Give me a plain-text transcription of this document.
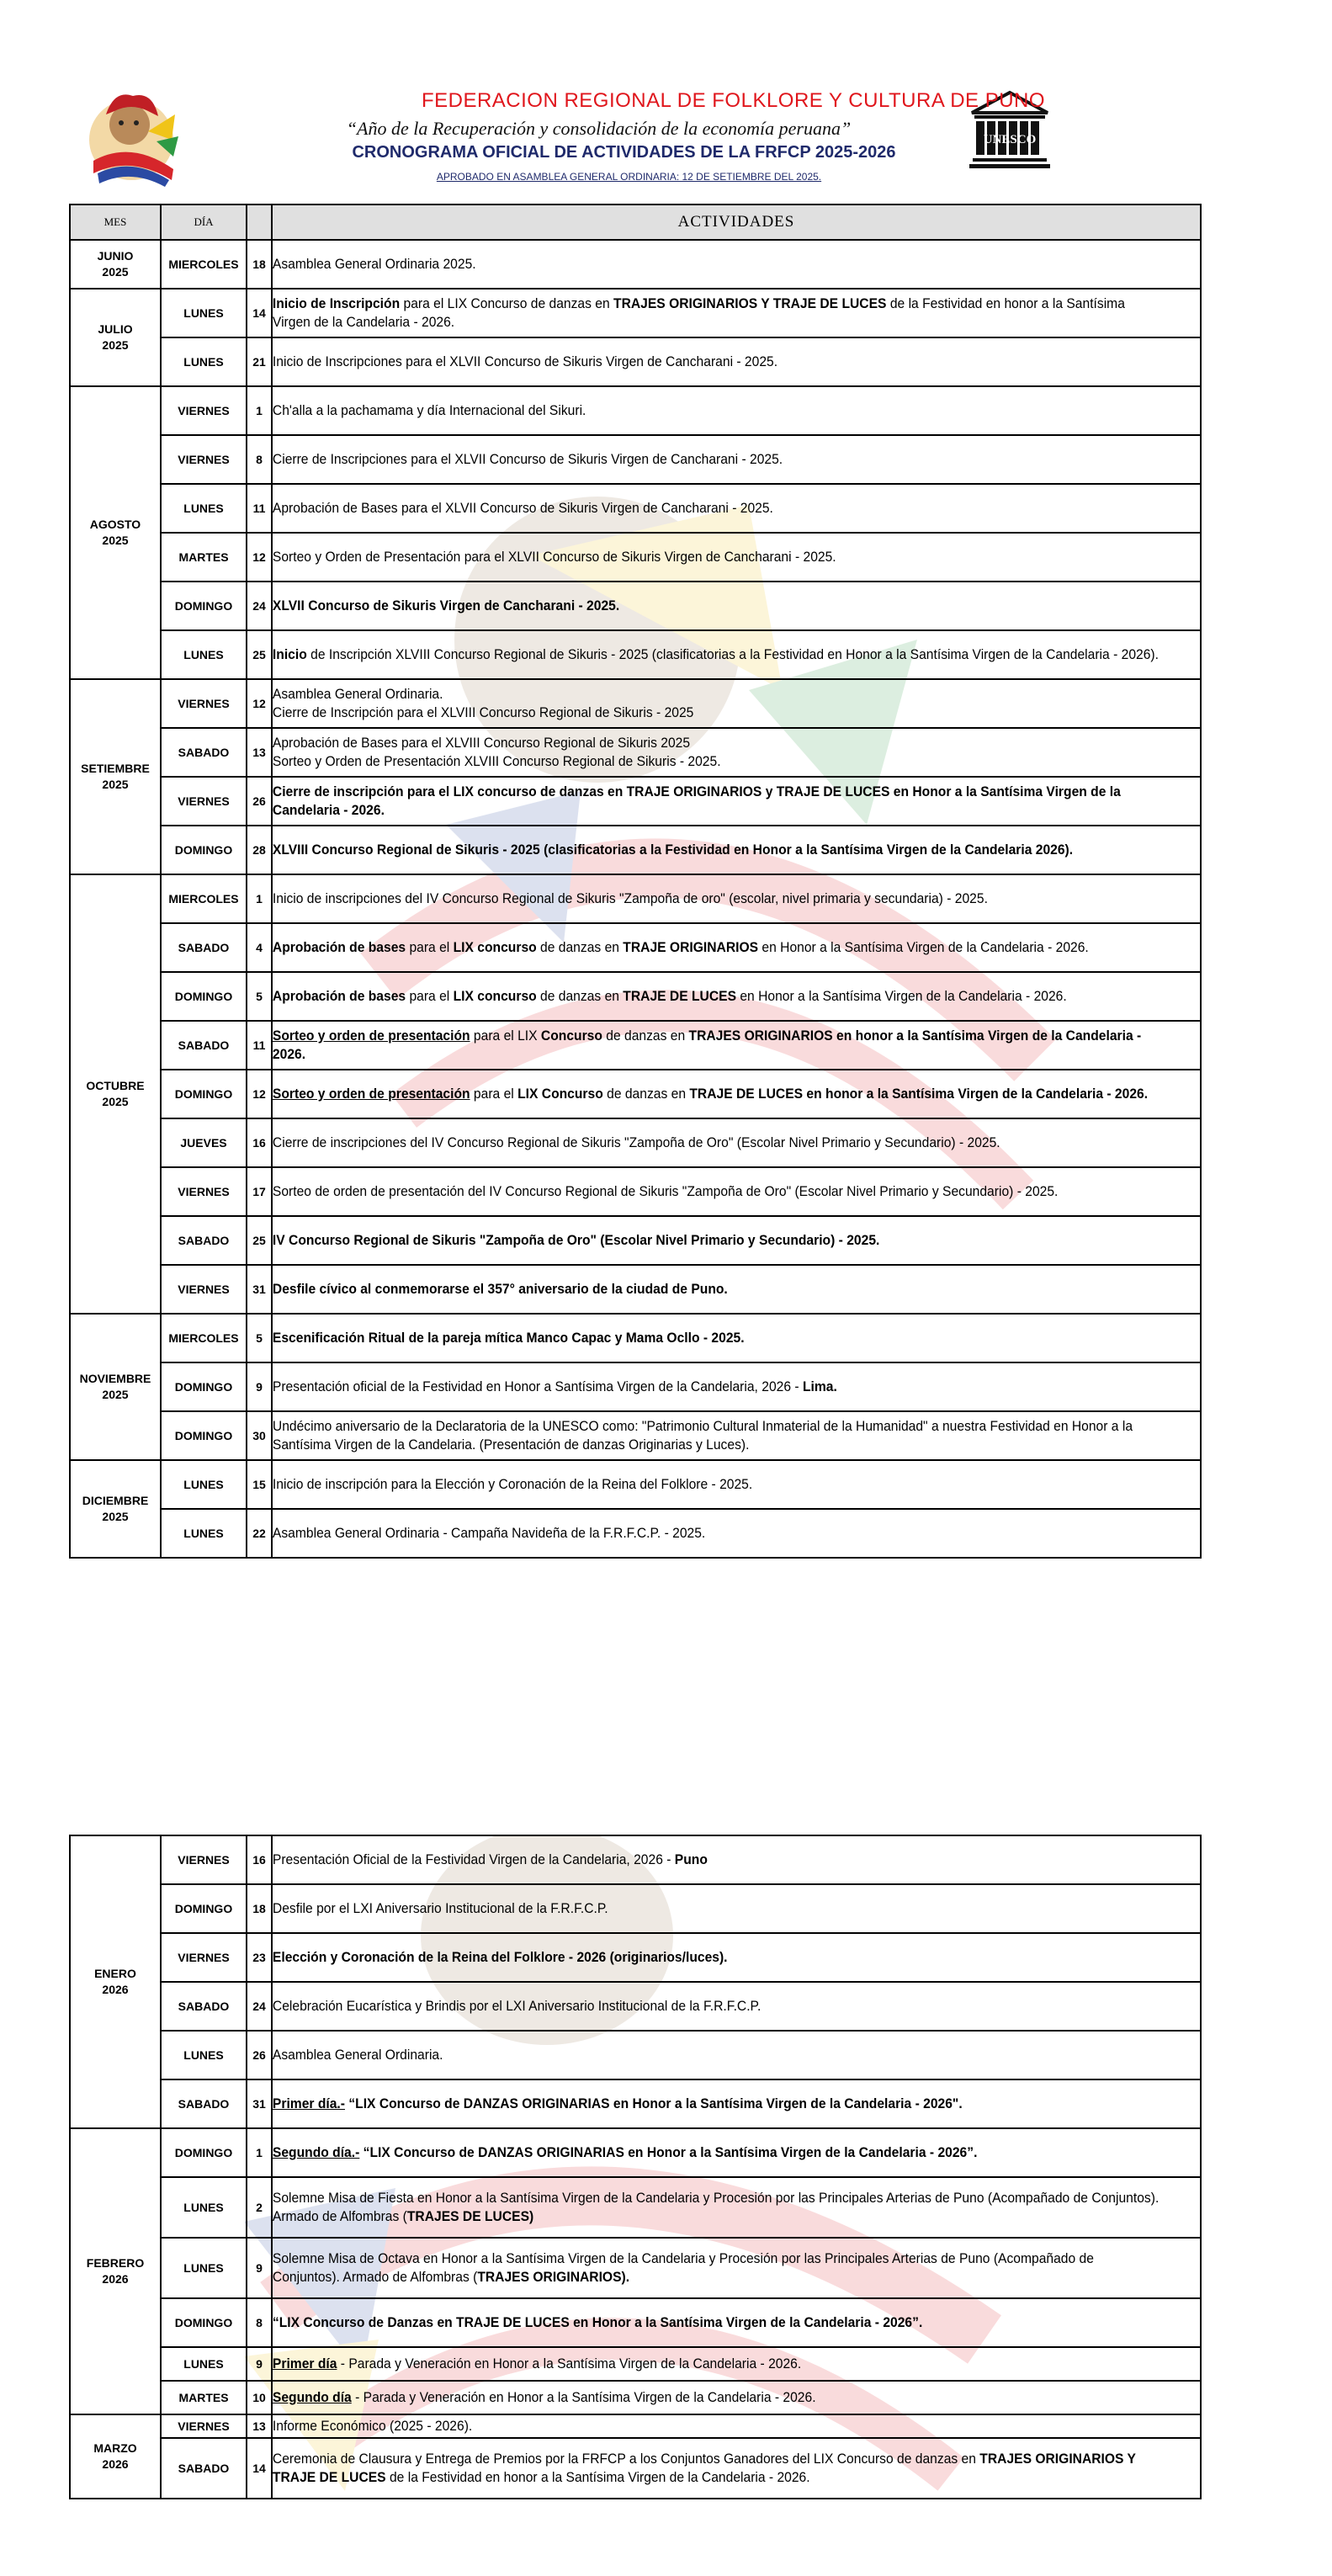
UNESCO
FEDERACION REGIONAL DE FOLKLORE Y CULTURA DE PUNO
“Año de la Recuperación y consolidación de la economía peruana”
CRONOGRAMA OFICIAL DE ACTIVIDADES DE LA FRFCP 2025-2026
APROBADO EN ASAMBLEA GENERAL ORDINARIA: 12 DE SETIEMBRE DEL 2025.
MES	DÍA		ACTIVIDADES
JUNIO
2025	MIERCOLES	18	Asamblea General Ordinaria 2025.

JULIO
2025	LUNES	14	Inicio de Inscripción para el LIX Concurso de danzas en TRAJES ORIGINARIOS Y TRAJE DE LUCES de la Festividad en honor a la Santísima Virgen de la Candelaria - 2026.

	LUNES	21	Inicio de Inscripciones para el XLVII Concurso de Sikuris Virgen de Cancharani - 2025.

AGOSTO
2025	VIERNES	1	Ch'alla a la pachamama y día Internacional del Sikuri.

	VIERNES	8	Cierre de Inscripciones para el XLVII Concurso de Sikuris Virgen de Cancharani - 2025.

	LUNES	11	Aprobación de Bases para el XLVII Concurso de Sikuris Virgen de Cancharani - 2025.

	MARTES	12	Sorteo y Orden de Presentación para el XLVII Concurso de Sikuris Virgen de Cancharani - 2025.

	DOMINGO	24	XLVII Concurso de Sikuris Virgen de Cancharani - 2025.

	LUNES	25	Inicio de Inscripción XLVIII Concurso Regional de Sikuris - 2025 (clasificatorias a la Festividad en Honor a la Santísima Virgen de la Candelaria - 2026).

SETIEMBRE
2025	VIERNES	12	Asamblea General Ordinaria.
Cierre de Inscripción para el XLVIII Concurso Regional de Sikuris - 2025

	SABADO	13	Aprobación de Bases para el XLVIII Concurso Regional de Sikuris 2025
Sorteo y Orden de Presentación XLVIII Concurso Regional de Sikuris - 2025.

	VIERNES	26	Cierre de inscripción para el LIX concurso de danzas en TRAJE ORIGINARIOS y TRAJE DE LUCES en Honor a la Santísima Virgen de la Candelaria - 2026.

	DOMINGO	28	XLVIII Concurso Regional de Sikuris - 2025 (clasificatorias a la Festividad en Honor a la Santísima Virgen de la Candelaria 2026).

OCTUBRE
2025	MIERCOLES	1	Inicio de inscripciones del IV Concurso Regional de Sikuris "Zampoña de oro" (escolar, nivel primaria y secundaria) - 2025.

	SABADO	4	Aprobación de bases para el LIX concurso de danzas en TRAJE ORIGINARIOS en Honor a la Santísima Virgen de la Candelaria - 2026.

	DOMINGO	5	Aprobación de bases para el LIX concurso de danzas en TRAJE DE LUCES en Honor a la Santísima Virgen de la Candelaria - 2026.

	SABADO	11	Sorteo y orden de presentación para el LIX Concurso de danzas en TRAJES ORIGINARIOS en honor a la Santísima Virgen de la Candelaria - 2026.

	DOMINGO	12	Sorteo y orden de presentación para el LIX Concurso de danzas en TRAJE DE LUCES en honor a la Santísima Virgen de la Candelaria - 2026.

	JUEVES	16	Cierre de inscripciones del IV Concurso Regional de Sikuris "Zampoña de Oro" (Escolar Nivel Primario y Secundario) - 2025.

	VIERNES	17	Sorteo de orden de presentación del IV Concurso Regional de Sikuris "Zampoña de Oro" (Escolar Nivel Primario y Secundario) - 2025.

	SABADO	25	IV Concurso Regional de Sikuris "Zampoña de Oro" (Escolar Nivel Primario y Secundario) - 2025.

	VIERNES	31	Desfile cívico al conmemorarse el 357° aniversario de la ciudad de Puno.

NOVIEMBRE
2025	MIERCOLES	5	Escenificación Ritual de la pareja mítica Manco Capac y Mama Ocllo - 2025.

	DOMINGO	9	Presentación oficial de la Festividad en Honor a Santísima Virgen de la Candelaria, 2026 - Lima.

	DOMINGO	30	Undécimo aniversario de la Declaratoria de la UNESCO como: "Patrimonio Cultural Inmaterial de la Humanidad" a nuestra Festividad en Honor a la Santísima Virgen de la Candelaria. (Presentación de danzas Originarias y Luces).

DICIEMBRE
2025	LUNES	15	Inicio de inscripción para la Elección y Coronación de la Reina del Folklore - 2025.

	LUNES	22	Asamblea General Ordinaria - Campaña Navideña de la F.R.F.C.P. - 2025.
ENERO
2026	VIERNES	16	Presentación Oficial de la Festividad Virgen de la Candelaria, 2026 - Puno

	DOMINGO	18	Desfile por el LXI Aniversario Institucional de la F.R.F.C.P.

	VIERNES	23	Elección y Coronación de la Reina del Folklore - 2026 (originarios/luces).

	SABADO	24	Celebración Eucarística y Brindis por el LXI Aniversario Institucional de la F.R.F.C.P.

	LUNES	26	Asamblea General Ordinaria.

	SABADO	31	Primer día.- “LIX Concurso de DANZAS ORIGINARIAS en Honor a la Santísima Virgen de la Candelaria - 2026".

FEBRERO
2026	DOMINGO	1	Segundo día.- “LIX Concurso de DANZAS ORIGINARIAS en Honor a la Santísima Virgen de la Candelaria - 2026”.

	LUNES	2	Solemne Misa de Fiesta en Honor a la Santísima Virgen de la Candelaria y Procesión por las Principales Arterias de Puno (Acompañado de Conjuntos). Armado de Alfombras (TRAJES DE LUCES)

	LUNES	9	Solemne Misa de Octava en Honor a la Santísima Virgen de la Candelaria y Procesión por las Principales Arterias de Puno (Acompañado de Conjuntos). Armado de Alfombras (TRAJES ORIGINARIOS).

	DOMINGO	8	“LIX Concurso de Danzas en TRAJE DE LUCES en Honor a la Santísima Virgen de la Candelaria - 2026”.

	LUNES	9	Primer día - Parada y Veneración en Honor a la Santísima Virgen de la Candelaria - 2026.

	MARTES	10	Segundo día - Parada y Veneración en Honor a la Santísima Virgen de la Candelaria - 2026.

MARZO
2026	VIERNES	13	Informe Económico (2025 - 2026).

	SABADO	14	Ceremonia de Clausura y Entrega de Premios por la FRFCP a los Conjuntos Ganadores del LIX Concurso de danzas en TRAJES ORIGINARIOS Y TRAJE DE LUCES de la Festividad en honor a la Santísima Virgen de la Candelaria - 2026.
